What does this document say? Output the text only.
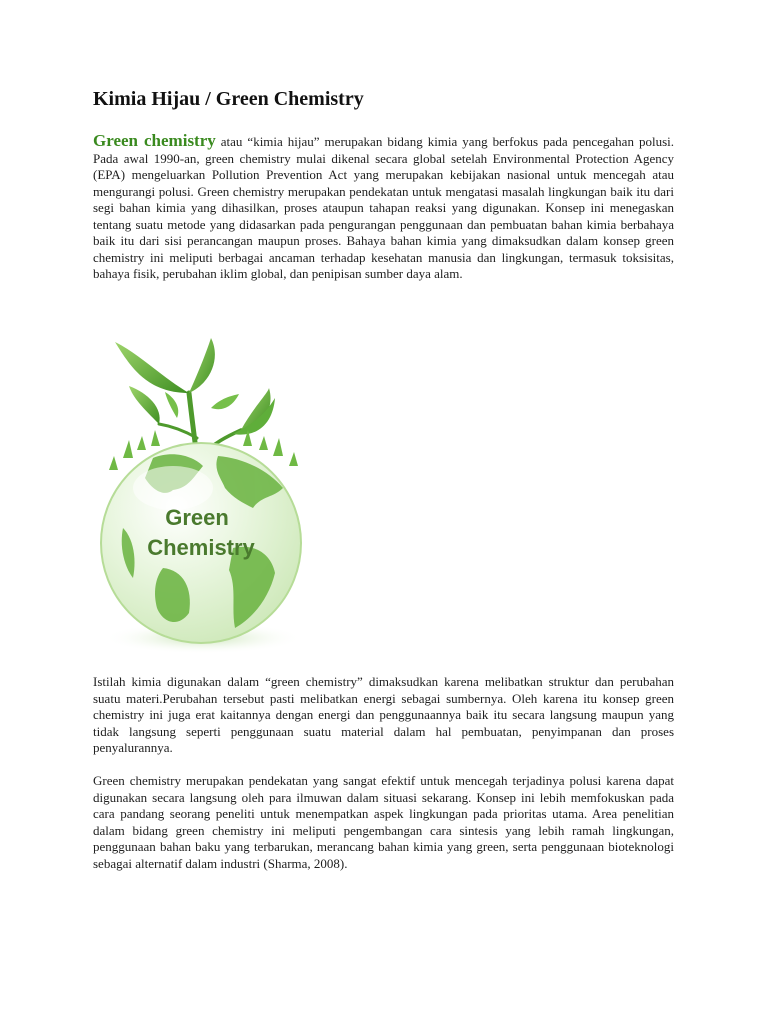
Kimia Hijau / Green Chemistry

Green chemistry atau “kimia hijau” merupakan bidang kimia yang berfokus pada pencegahan polusi. Pada awal 1990-an, green chemistry mulai dikenal secara global setelah Environmental Protection Agency (EPA) mengeluarkan Pollution Prevention Act yang merupakan kebijakan nasional untuk mencegah atau mengurangi polusi. Green chemistry merupakan pendekatan untuk mengatasi masalah lingkungan baik itu dari segi bahan kimia yang dihasilkan, proses ataupun tahapan reaksi yang digunakan. Konsep ini menegaskan tentang suatu metode yang didasarkan pada pengurangan penggunaan dan pembuatan bahan kimia berbahaya baik itu dari sisi perancangan maupun proses. Bahaya bahan kimia yang dimaksudkan dalam konsep green chemistry ini meliputi berbagai ancaman terhadap kesehatan manusia dan lingkungan, termasuk toksisitas, bahaya fisik, perubahan iklim global, dan penipisan sumber daya alam.

Green
Chemistry

Istilah kimia digunakan dalam “green chemistry” dimaksudkan karena melibatkan struktur dan perubahan suatu materi.Perubahan tersebut pasti melibatkan energi sebagai sumbernya. Oleh karena itu konsep green chemistry ini juga erat kaitannya dengan energi dan penggunaannya baik itu secara langsung maupun yang tidak langsung seperti penggunaan suatu material dalam hal pembuatan, penyimpanan dan proses penyalurannya.

Green chemistry merupakan pendekatan yang sangat efektif untuk mencegah terjadinya polusi karena dapat digunakan secara langsung oleh para ilmuwan dalam situasi sekarang. Konsep ini lebih memfokuskan pada cara pandang seorang peneliti untuk menempatkan aspek lingkungan pada prioritas utama. Area penelitian dalam bidang green chemistry ini meliputi pengembangan cara sintesis yang lebih ramah lingkungan, penggunaan bahan baku yang terbarukan, merancang bahan kimia yang green, serta penggunaan bioteknologi sebagai alternatif dalam industri (Sharma, 2008).
